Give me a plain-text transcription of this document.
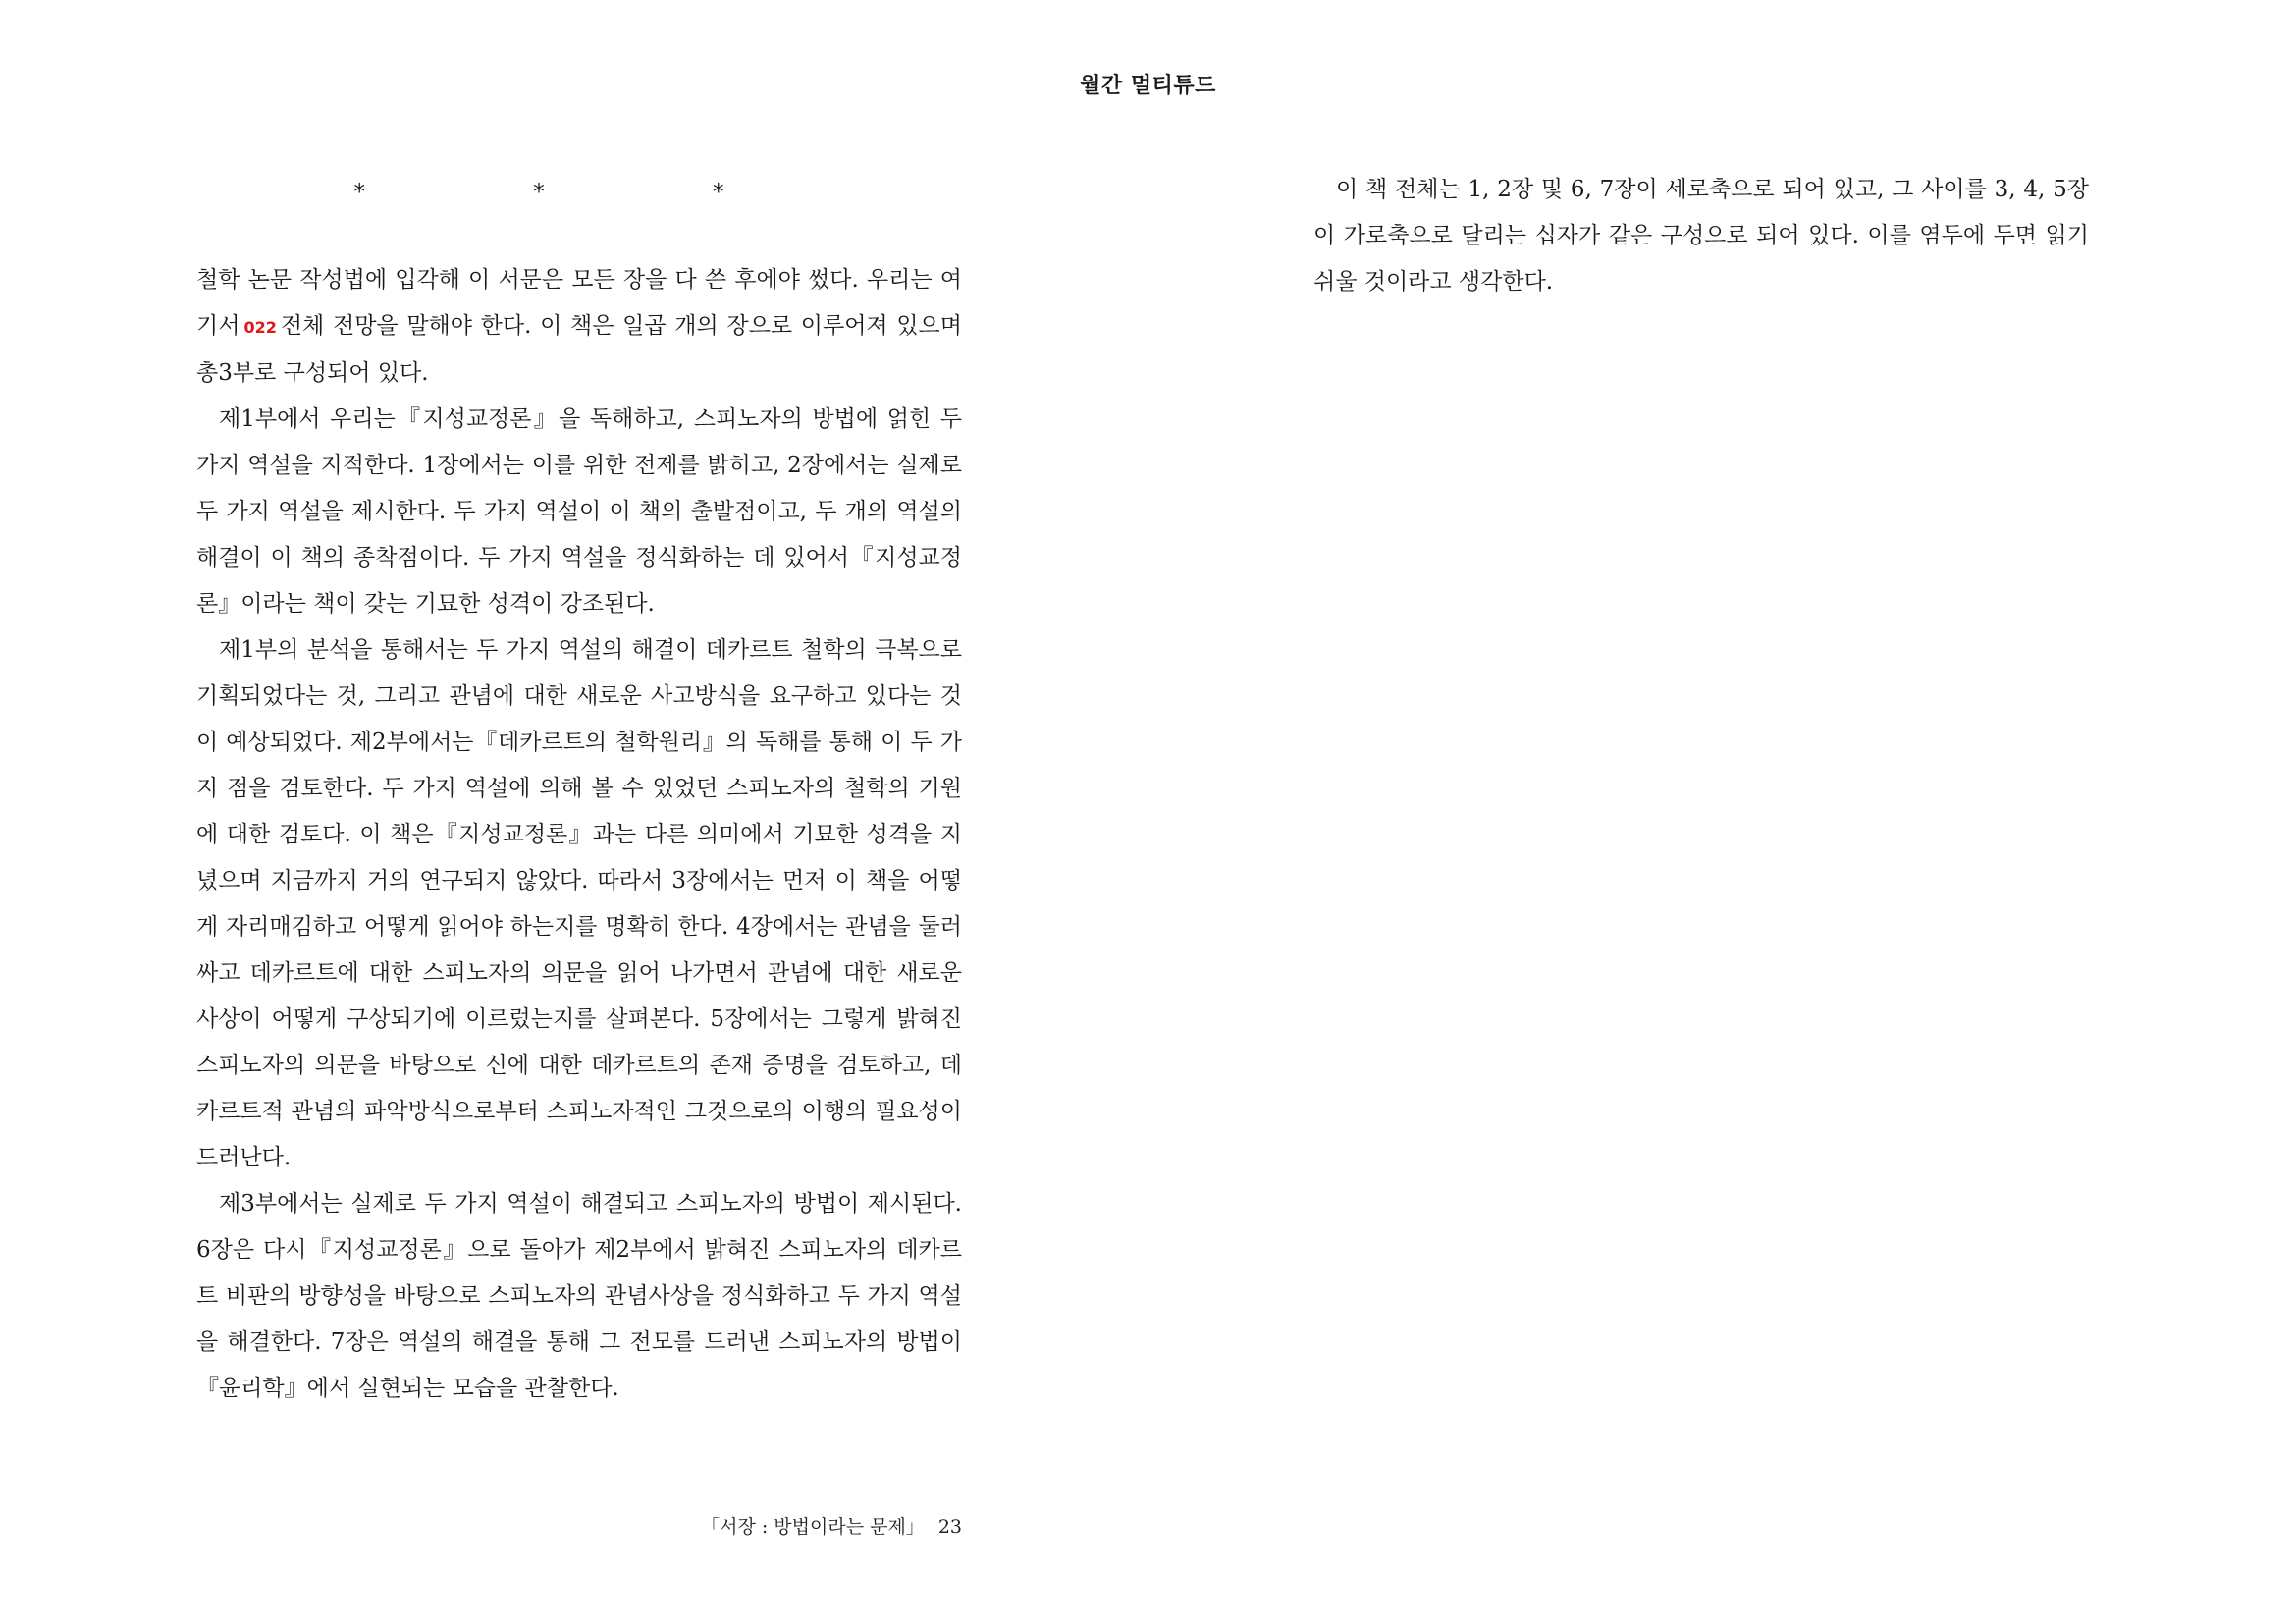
월간 멀티튜드
* * *

철학 논문 작성법에 입각해 이 서문은 모든 장을 다 쓴 후에야 썼다. 우리는 여기서 022 전체 전망을 말해야 한다. 이 책은 일곱 개의 장으로 이루어져 있으며 총3부로 구성되어 있다.

제1부에서 우리는『지성교정론』을 독해하고, 스피노자의 방법에 얽힌 두 가지 역설을 지적한다. 1장에서는 이를 위한 전제를 밝히고, 2장에서는 실제로 두 가지 역설을 제시한다. 두 가지 역설이 이 책의 출발점이고, 두 개의 역설의 해결이 이 책의 종착점이다. 두 가지 역설을 정식화하는 데 있어서『지성교정론』이라는 책이 갖는 기묘한 성격이 강조된다.

제1부의 분석을 통해서는 두 가지 역설의 해결이 데카르트 철학의 극복으로 기획되었다는 것, 그리고 관념에 대한 새로운 사고방식을 요구하고 있다는 것이 예상되었다. 제2부에서는『데카르트의 철학원리』의 독해를 통해 이 두 가지 점을 검토한다. 두 가지 역설에 의해 볼 수 있었던 스피노자의 철학의 기원에 대한 검토다. 이 책은『지성교정론』과는 다른 의미에서 기묘한 성격을 지녔으며 지금까지 거의 연구되지 않았다. 따라서 3장에서는 먼저 이 책을 어떻게 자리매김하고 어떻게 읽어야 하는지를 명확히 한다. 4장에서는 관념을 둘러싸고 데카르트에 대한 스피노자의 의문을 읽어 나가면서 관념에 대한 새로운 사상이 어떻게 구상되기에 이르렀는지를 살펴본다. 5장에서는 그렇게 밝혀진 스피노자의 의문을 바탕으로 신에 대한 데카르트의 존재 증명을 검토하고, 데카르트적 관념의 파악방식으로부터 스피노자적인 그것으로의 이행의 필요성이 드러난다.

제3부에서는 실제로 두 가지 역설이 해결되고 스피노자의 방법이 제시된다. 6장은 다시『지성교정론』으로 돌아가 제2부에서 밝혀진 스피노자의 데카르트 비판의 방향성을 바탕으로 스피노자의 관념사상을 정식화하고 두 가지 역설을 해결한다. 7장은 역설의 해결을 통해 그 전모를 드러낸 스피노자의 방법이『윤리학』에서 실현되는 모습을 관찰한다.

이 책 전체는 1, 2장 및 6, 7장이 세로축으로 되어 있고, 그 사이를 3, 4, 5장이 가로축으로 달리는 십자가 같은 구성으로 되어 있다. 이를 염두에 두면 읽기 쉬울 것이라고 생각한다.

「서장 : 방법이라는 문제」 23
